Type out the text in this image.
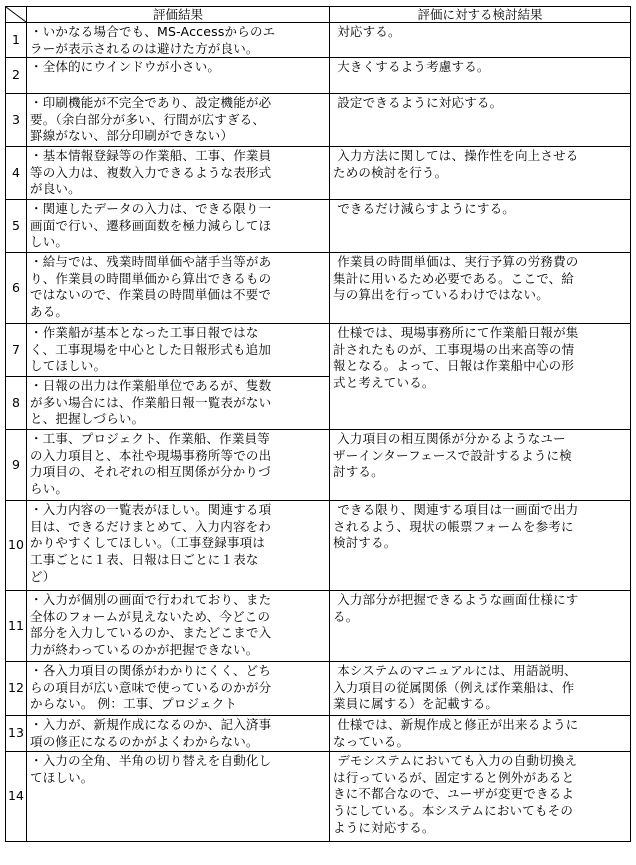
	評価結果	評価に対する検討結果
1	・いかなる場合でも、MS-Accessからのエ
ラーが表示されるのは避けた方が良い。	対応する。
2	・全体的にウインドウが小さい。	大きくするよう考慮する。
3	・印刷機能が不完全であり、設定機能が必
要。（余白部分が多い、行間が広すぎる、
罫線がない、部分印刷ができない）	設定できるように対応する。
4	・基本情報登録等の作業船、工事、作業員
等の入力は、複数入力できるような表形式
が良い。	入力方法に関しては、操作性を向上させる
ための検討を行う。
5	・関連したデータの入力は、できる限り一
画面で行い、遷移画面数を極力減らしてほ
しい。	できるだけ減らすようにする。
6	・給与では、残業時間単価や諸手当等があ
り、作業員の時間単価から算出できるもの
ではないので、作業員の時間単価は不要で
ある。	作業員の時間単価は、実行予算の労務費の
集計に用いるため必要である。ここで、給
与の算出を行っているわけではない。
7	・作業船が基本となった工事日報ではな
く、工事現場を中心とした日報形式も追加
してほしい。	仕様では、現場事務所にて作業船日報が集
計されたものが、工事現場の出来高等の情
報となる。よって、日報は作業船中心の形
式と考えている。
8	・日報の出力は作業船単位であるが、隻数
が多い場合には、作業船日報一覧表がない
と、把握しづらい。	
9	・工事、プロジェクト、作業船、作業員等
の入力項目と、本社や現場事務所等での出
力項目の、それぞれの相互関係が分かりづ
らい。	入力項目の相互関係が分かるようなユー
ザーインターフェースで設計するように検
討する。
10	・入力内容の一覧表がほしい。関連する項
目は、できるだけまとめて、入力内容をわ
かりやすくしてほしい。（工事登録事項は
工事ごとに１表、日報は日ごとに１表な
ど）	できる限り、関連する項目は一画面で出力
されるよう、現状の帳票フォームを参考に
検討する。
11	・入力が個別の画面で行われており、また
全体のフォームが見えないため、今どこの
部分を入力しているのか、またどこまで入
力が終わっているのかが把握できない。	入力部分が把握できるような画面仕様にす
る。
12	・各入力項目の関係がわかりにくく、どち
らの項目が広い意味で使っているのかが分
からない。 例：工事、プロジェクト	本システムのマニュアルには、用語説明、
入力項目の従属関係（例えば作業船は、作
業員に属する）を記載する。
13	・入力が、新規作成になるのか、記入済事
項の修正になるのかがよくわからない。	仕様では、新規作成と修正が出来るように
なっている。
14	・入力の全角、半角の切り替えを自動化し
てほしい。	デモシステムにおいても入力の自動切換え
は行っているが、固定すると例外があると
きに不都合なので、ユーザが変更できるよ
うにしている。本システムにおいてもその
ように対応する。
